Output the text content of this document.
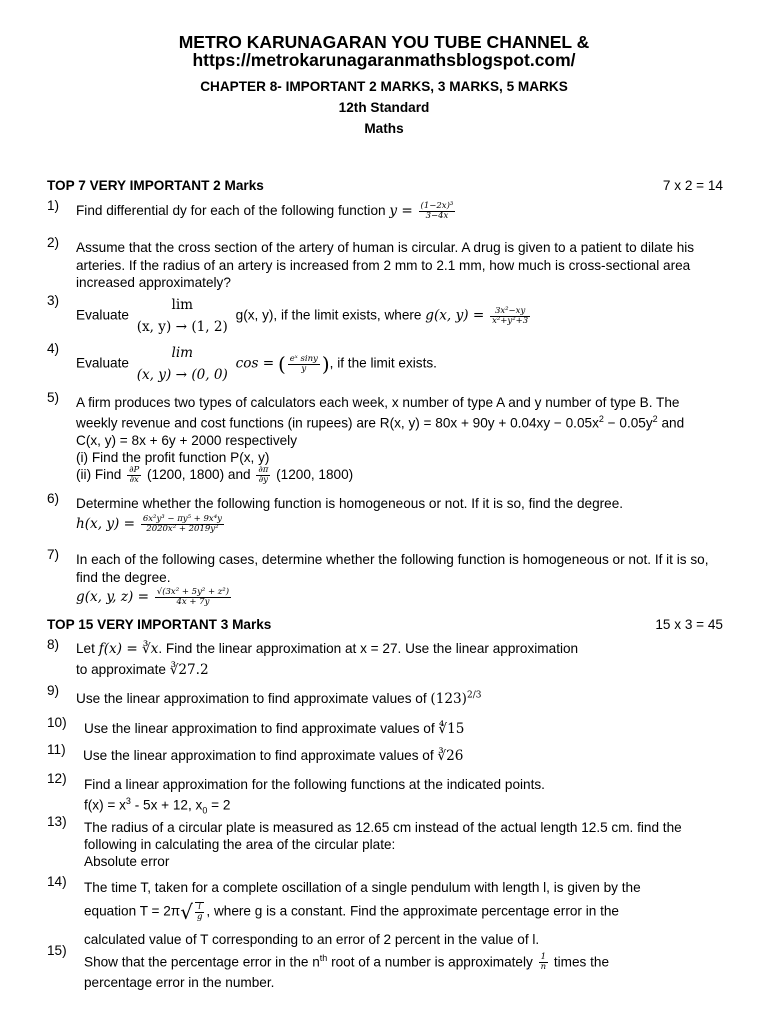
METRO KARUNAGARAN YOU TUBE CHANNEL &
https://metrokarunagaranmathsblogspot.com/
CHAPTER 8- IMPORTANT 2 MARKS, 3 MARKS, 5 MARKS
12th Standard
Maths
TOP 7 VERY IMPORTANT 2 Marks	7 x 2 = 14
1) Find differential dy for each of the following function $y = \frac{\text{(1−2x)³}}{3-4x}$
2) Assume that the cross section of the artery of human is circular. A drug is given to a patient to dilate his arteries. If the radius of an artery is increased from 2 mm to 2.1 mm, how much is cross-sectional area increased approximately?

3)
Evaluate
lim
(x, y) → (1, 2)
g(x, y), if the limit exists, where g(x, $y) = \frac{\text{3x²−xy}}{\text{x²+y²+3}}$
4)
Evaluate
lim
(x, y) → (0, 0)
cos = ( $\frac{\text{eˣ siny}}{y}$ ), if the limit exists.
5) A firm produces two types of calculators each week, x number of type A and y number of type B. The weekly revenue and cost functions (in rupees) are R(x, $y) = 80x + 90y + 0.04xy - 0.05x^2 - 0.05y^2$ and C(x, y) = 8x + 6y + 2000 respectively

(i) Find the profit function P(x, y)

(ii) Find $\frac{\partial P}{\partial x} (1200$, 1800) and $\frac{\partial\pi}{\partial y} (1200$, 1800)

6) Determine whether the following function is homogeneous or not. If it is so, find the degree.

h(x, $y) = \frac{\text{6x²y³ − πy⁵ + 9x⁴y}}{\text{2020x² + 2019y²}}$

7) In each of the following cases, determine whether the following function is homogeneous or not. If it is so, find the degree.

g(x, y, $z) = \frac{\text{√(3x² + 5y² + z²)}}{4x + 7y}$

TOP 15 VERY IMPORTANT 3 Marks	15 x 3 = 45
8) Let f(x) = ∛x. Find the linear approximation at x = 27. Use the linear approximation

to approximate ∛27.2

9)
Use the linear approximation to find approximate values of $(123)^{2/3}$
10) Use the linear approximation to find approximate values of ∜15
11) Use the linear approximation to find approximate values of ∛26
12) Find a linear approximation for the following functions at the indicated points.

$f(x) = x^3 - 5x + 12$, $x_0 = 2$

13) The radius of a circular plate is measured as 12.65 cm instead of the actual length 12.5 cm. find the following in calculating the area of the circular plate:

Absolute error

14) The time T, taken for a complete oscillation of a single pendulum with length l, is given by the

equation $T = 2\pi√ \frac{l}{g}$ , where g is a constant. Find the approximate percentage error in the

calculated value of T corresponding to an error of 2 percent in the value of l.

15)

Show that the percentage error in the $n^{th}$ root of a number is approximately $\frac{1}{n}$ times the

percentage error in the number.
